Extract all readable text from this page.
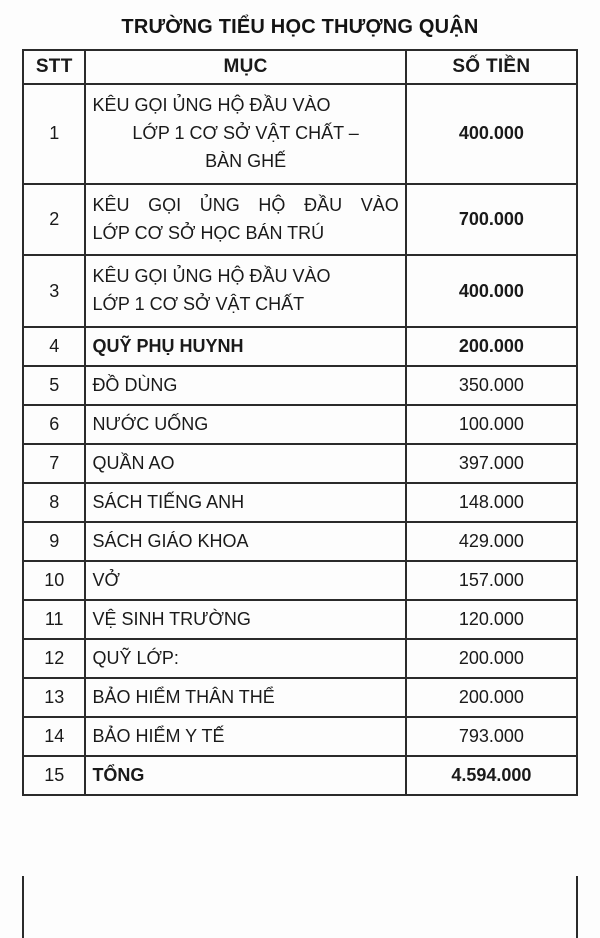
TRƯỜNG TIỂU HỌC THƯỢNG QUẬN
STT	MỤC	SỐ TIỀN
1	KÊU GỌI ỦNG HỘ ĐẦU VÀO
LỚP 1 CƠ SỞ VẬT CHẤT –
BÀN GHẾ	400.000
2	KÊU GỌI ỦNG HỘ ĐẦU VÀO
LỚP CƠ SỞ HỌC BÁN TRÚ	700.000
3	KÊU GỌI ỦNG HỘ ĐẦU VÀO
LỚP 1 CƠ SỞ VẬT CHẤT	400.000
4	QUỸ PHỤ HUYNH	200.000
5	ĐỒ DÙNG	350.000
6	NƯỚC UỐNG	100.000
7	QUẦN AO	397.000
8	SÁCH TIẾNG ANH	148.000
9	SÁCH GIÁO KHOA	429.000
10	VỞ	157.000
11	VỆ SINH TRƯỜNG	120.000
12	QUỸ LỚP:	200.000
13	BẢO HIỂM THÂN THỂ	200.000
14	BẢO HIỂM Y TẾ	793.000
15	TỔNG	4.594.000
